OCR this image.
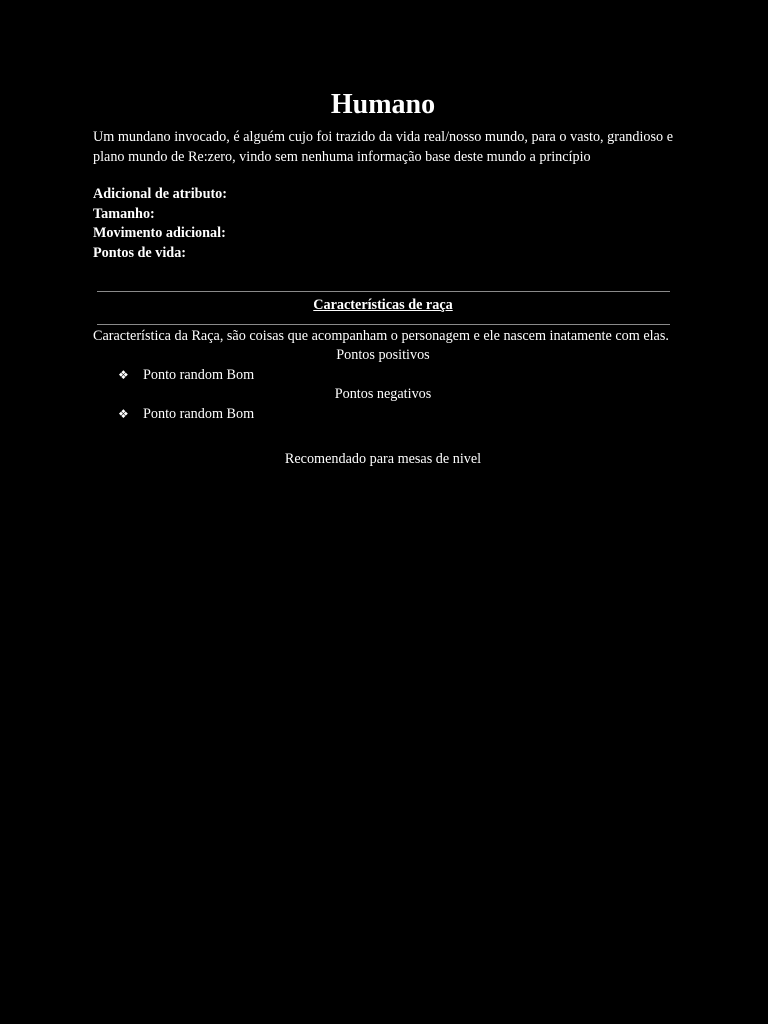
Humano

Um mundano invocado, é alguém cujo foi trazido da vida real/nosso mundo, para o vasto, grandioso e plano mundo de Re:zero, vindo sem nenhuma informação base deste mundo a princípio

Adicional de atributo:

Tamanho:

Movimento adicional:

Pontos de vida:

Características de raça

Característica da Raça, são coisas que acompanham o personagem e ele nascem inatamente com elas.

Pontos positivos

❖	Ponto random Bom

Pontos negativos

❖	Ponto random Bom

Recomendado para mesas de nivel
